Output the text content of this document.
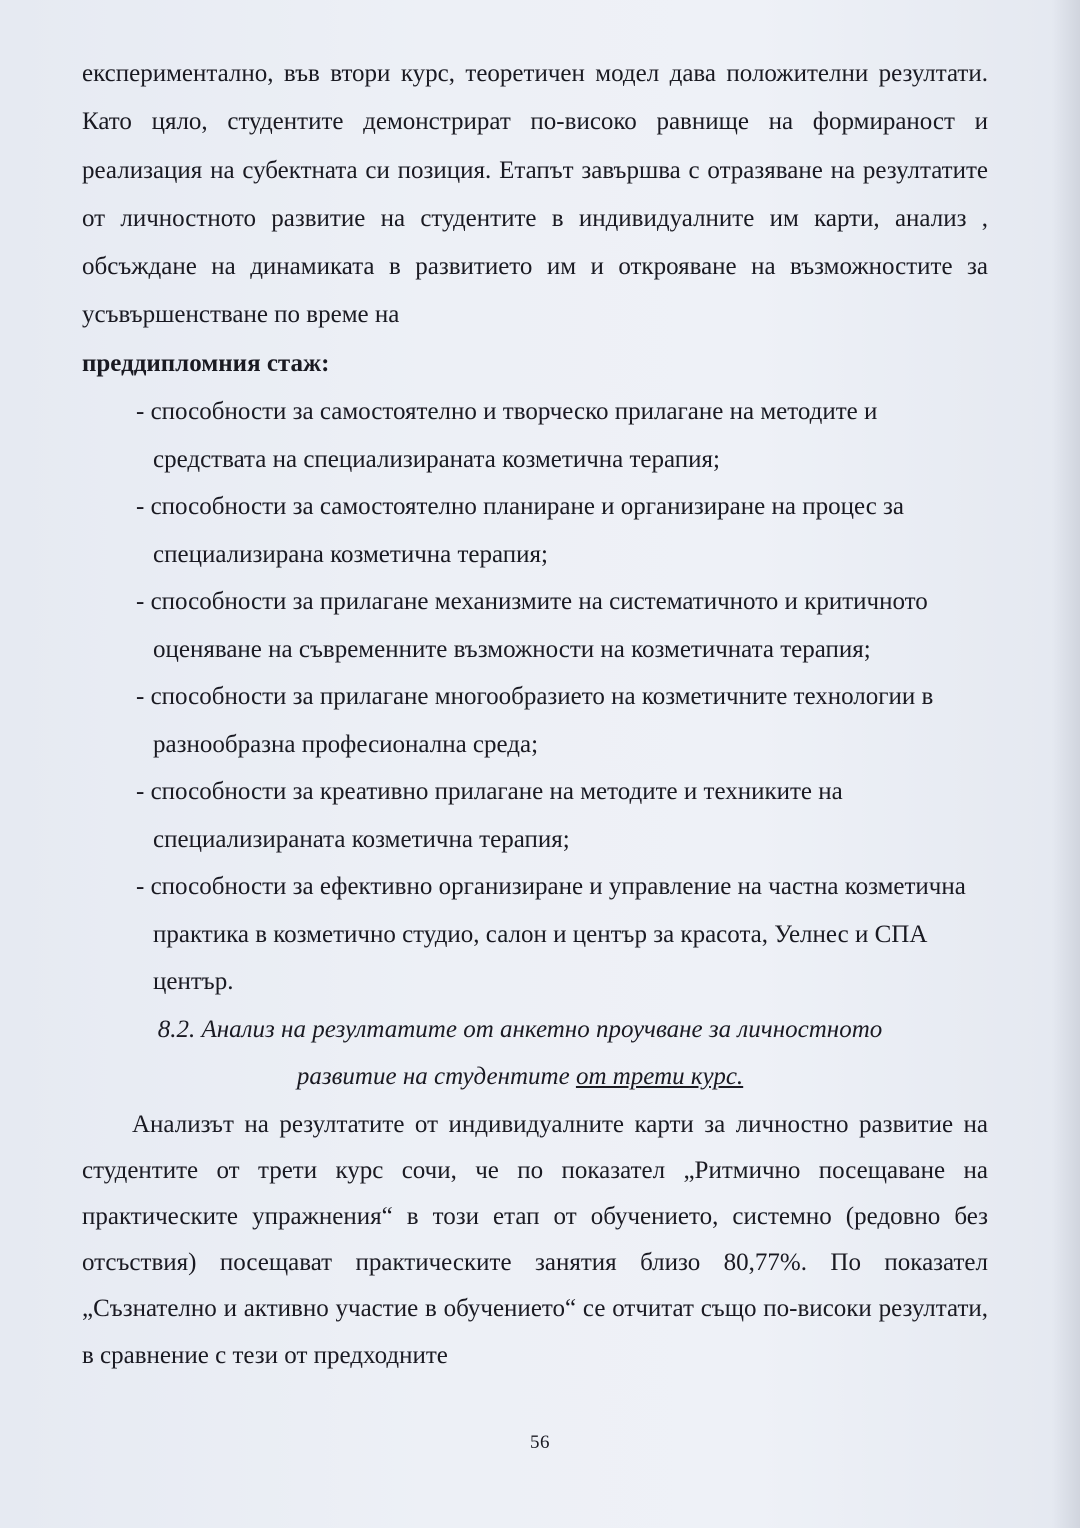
експериментално, във втори курс, теоретичен модел дава положителни резултати. Като цяло, студентите демонстрират по-високо равнище на формираност и реализация на субектната си позиция. Етапът завършва с отразяване на резултатите от личностното развитие на студентите в индивидуалните им карти, анализ , обсъждане на динамиката в развитието им и открояване на възможностите за усъвършенстване по време на
преддипломния стаж:

- способности за самостоятелно и творческо прилагане на методите и средствата на специализираната козметична терапия;
- способности за самостоятелно планиране и организиране на процес за специализирана козметична терапия;
- способности за прилагане механизмите на систематичното и критичното оценяване на съвременните възможности на козметичната терапия;
- способности за прилагане многообразието на козметичните технологии в разнообразна професионална среда;
- способности за креативно прилагане на методите и техниките на специализираната козметична терапия;
- способности за ефективно организиране и управление на частна козметична практика в козметично студио, салон и център за красота, Уелнес и СПА център.

8.2. Анализ на резултатите от анкетно проучване за личностното
развитие на студентите от трети курс.

Анализът на резултатите от индивидуалните карти за личностно развитие на студентите от трети курс сочи, че по показател „Ритмично посещаване на практическите упражнения“ в този етап от обучението, системно (редовно без отсъствия) посещават практическите занятия близо 80,77%. По показател „Съзнателно и активно участие в обучението“ се отчитат също по-високи резултати, в сравнение с тези от предходните

56
